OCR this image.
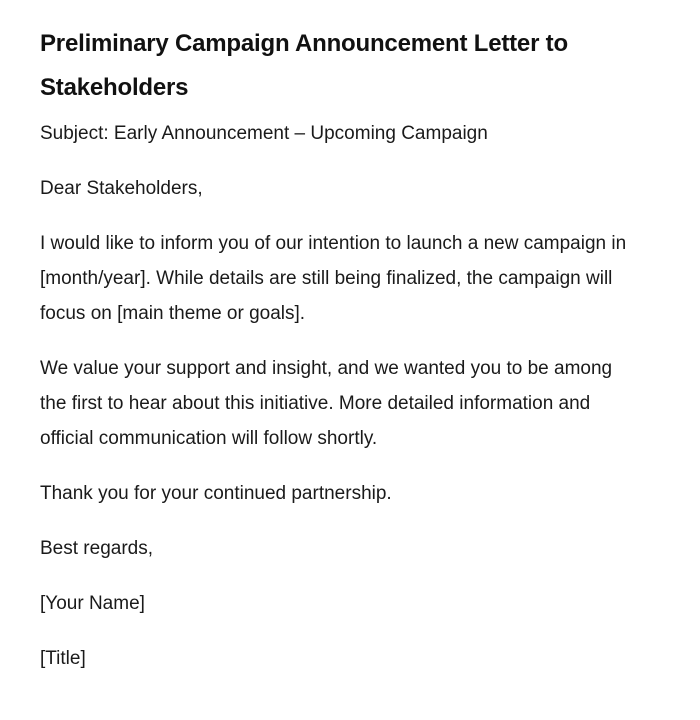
Preliminary Campaign Announcement Letter to Stakeholders

Subject: Early Announcement – Upcoming Campaign

Dear Stakeholders,

I would like to inform you of our intention to launch a new campaign in [month/year]. While details are still being finalized, the campaign will focus on [main theme or goals].

We value your support and insight, and we wanted you to be among the first to hear about this initiative. More detailed information and official communication will follow shortly.

Thank you for your continued partnership.

Best regards,

[Your Name]

[Title]
